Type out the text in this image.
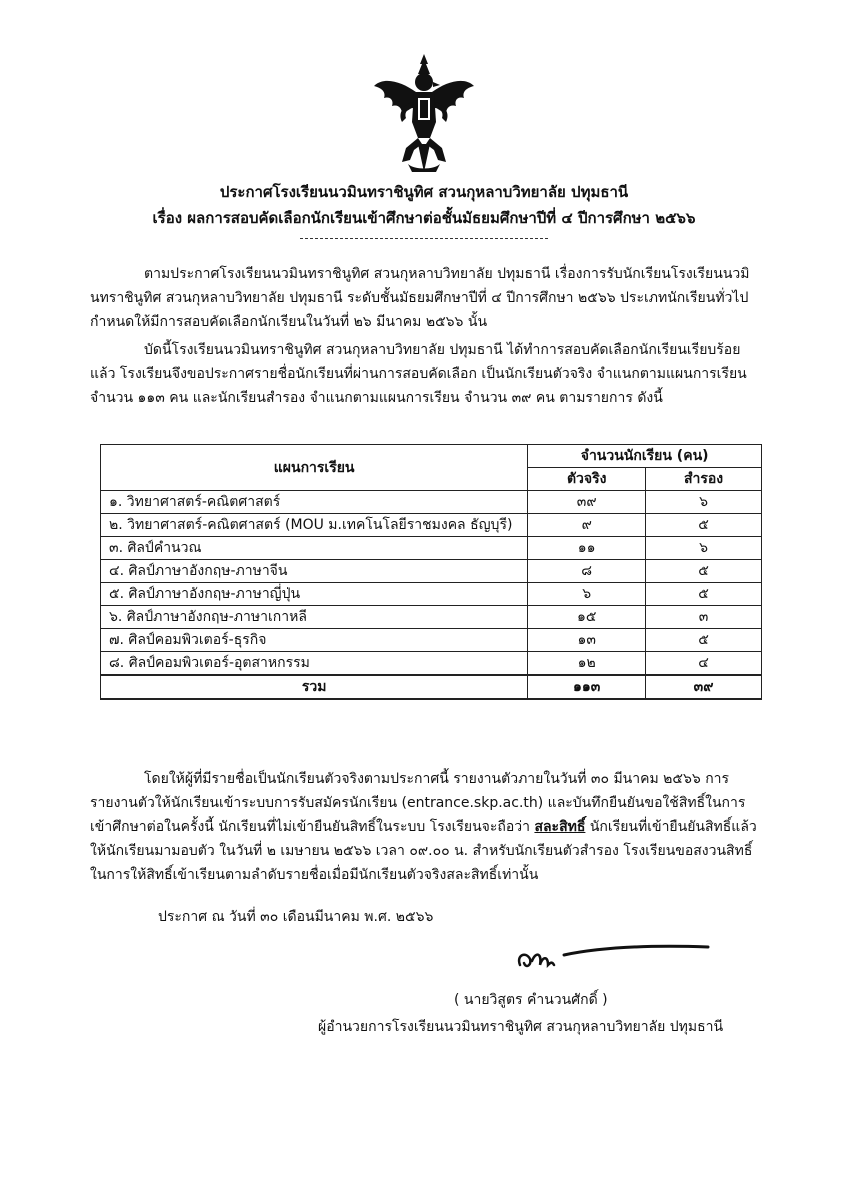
ประกาศโรงเรียนนวมินทราชินูทิศ สวนกุหลาบวิทยาลัย ปทุมธานี
เรื่อง ผลการสอบคัดเลือกนักเรียนเข้าศึกษาต่อชั้นมัธยมศึกษาปีที่ ๔ ปีการศึกษา ๒๕๖๖

ตามประกาศโรงเรียนนวมินทราชินูทิศ สวนกุหลาบวิทยาลัย ปทุมธานี เรื่องการรับนักเรียนโรงเรียนนวมินทราชินูทิศ สวนกุหลาบวิทยาลัย ปทุมธานี ระดับชั้นมัธยมศึกษาปีที่ ๔ ปีการศึกษา ๒๕๖๖ ประเภทนักเรียนทั่วไป กำหนดให้มีการสอบคัดเลือกนักเรียนในวันที่ ๒๖ มีนาคม ๒๕๖๖ นั้น

บัดนี้โรงเรียนนวมินทราชินูทิศ สวนกุหลาบวิทยาลัย ปทุมธานี ได้ทำการสอบคัดเลือกนักเรียนเรียบร้อยแล้ว โรงเรียนจึงขอประกาศรายชื่อนักเรียนที่ผ่านการสอบคัดเลือก เป็นนักเรียนตัวจริง จำแนกตามแผนการเรียน จำนวน ๑๑๓ คน และนักเรียนสำรอง จำแนกตามแผนการเรียน จำนวน ๓๙ คน ตามรายการ ดังนี้

แผนการเรียน	จำนวนนักเรียน (คน)	
	ตัวจริง	สำรอง
๑. วิทยาศาสตร์-คณิตศาสตร์	๓๙	๖
๒. วิทยาศาสตร์-คณิตศาสตร์ (MOU ม.เทคโนโลยีราชมงคล ธัญบุรี)	๙	๕
๓. ศิลป์คำนวณ	๑๑	๖
๔. ศิลป์ภาษาอังกฤษ-ภาษาจีน	๘	๕
๕. ศิลป์ภาษาอังกฤษ-ภาษาญี่ปุ่น	๖	๕
๖. ศิลป์ภาษาอังกฤษ-ภาษาเกาหลี	๑๕	๓
๗. ศิลป์คอมพิวเตอร์-ธุรกิจ	๑๓	๕
๘. ศิลป์คอมพิวเตอร์-อุตสาหกรรม	๑๒	๔
รวม	๑๑๓	๓๙

โดยให้ผู้ที่มีรายชื่อเป็นนักเรียนตัวจริงตามประกาศนี้ รายงานตัวภายในวันที่ ๓๐ มีนาคม ๒๕๖๖ การรายงานตัวให้นักเรียนเข้าระบบการรับสมัครนักเรียน (entrance.skp.ac.th) และบันทึกยืนยันขอใช้สิทธิ์ในการเข้าศึกษาต่อในครั้งนี้ นักเรียนที่ไม่เข้ายืนยันสิทธิ์ในระบบ โรงเรียนจะถือว่า สละสิทธิ์ นักเรียนที่เข้ายืนยันสิทธิ์แล้วให้นักเรียนมามอบตัว ในวันที่ ๒ เมษายน ๒๕๖๖ เวลา ๐๙.๐๐ น. สำหรับนักเรียนตัวสำรอง โรงเรียนขอสงวนสิทธิ์ในการให้สิทธิ์เข้าเรียนตามลำดับรายชื่อเมื่อมีนักเรียนตัวจริงสละสิทธิ์เท่านั้น

ประกาศ ณ วันที่ ๓๐ เดือนมีนาคม พ.ศ. ๒๕๖๖
( นายวิสูตร คำนวนศักดิ์ )
ผู้อำนวยการโรงเรียนนวมินทราชินูทิศ สวนกุหลาบวิทยาลัย ปทุมธานี
